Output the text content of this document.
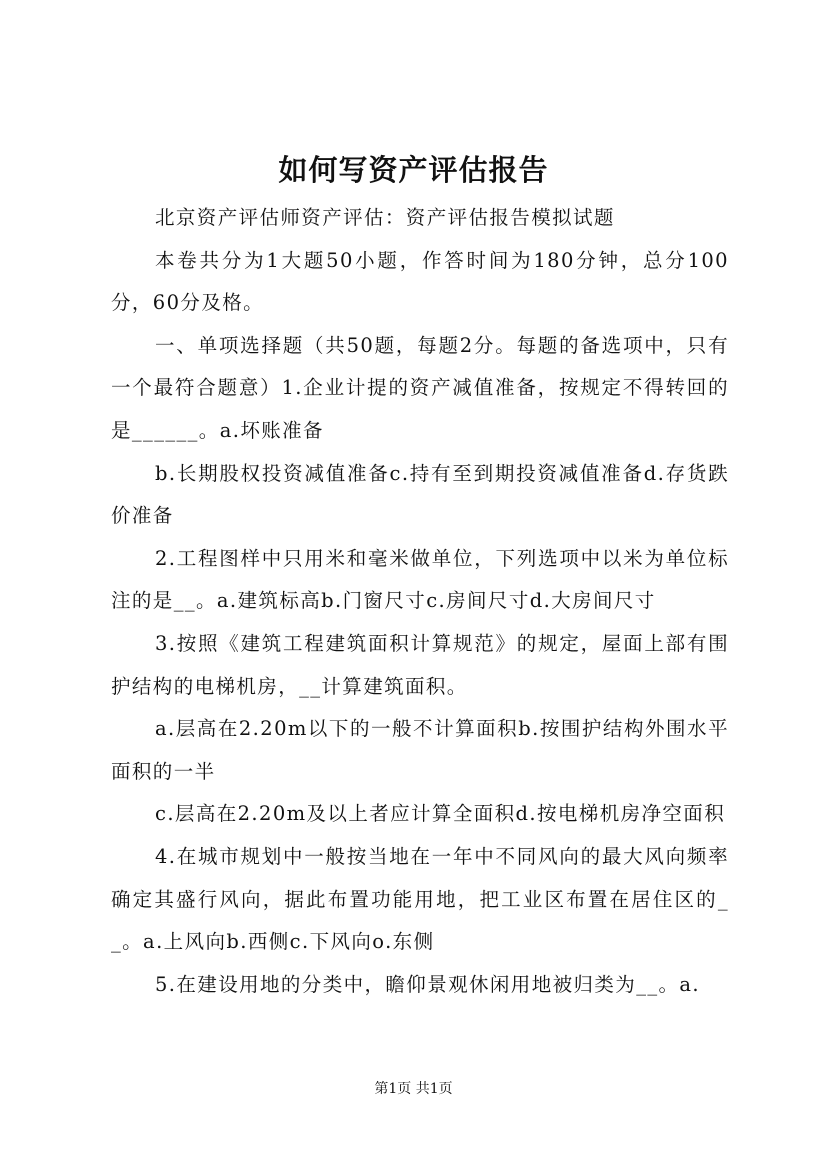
如何写资产评估报告

北京资产评估师资产评估：资产评估报告模拟试题

本卷共分为1大题50小题，作答时间为180分钟，总分100分，60分及格。

一、单项选择题（共50题，每题2分。每题的备选项中，只有一个最符合题意）1.企业计提的资产减值准备，按规定不得转回的是______。a.坏账准备

b.长期股权投资减值准备c.持有至到期投资减值准备d.存货跌价准备

2.工程图样中只用米和毫米做单位，下列选项中以米为单位标注的是__。a.建筑标高b.门窗尺寸c.房间尺寸d.大房间尺寸

3.按照《建筑工程建筑面积计算规范》的规定，屋面上部有围护结构的电梯机房，__计算建筑面积。

a.层高在2.20m以下的一般不计算面积b.按围护结构外围水平面积的一半

c.层高在2.20m及以上者应计算全面积d.按电梯机房净空面积

4.在城市规划中一般按当地在一年中不同风向的最大风向频率确定其盛行风向，据此布置功能用地，把工业区布置在居住区的__。a.上风向b.西侧c.下风向o.东侧

5.在建设用地的分类中，瞻仰景观休闲用地被归类为__。a.

第1页 共1页
